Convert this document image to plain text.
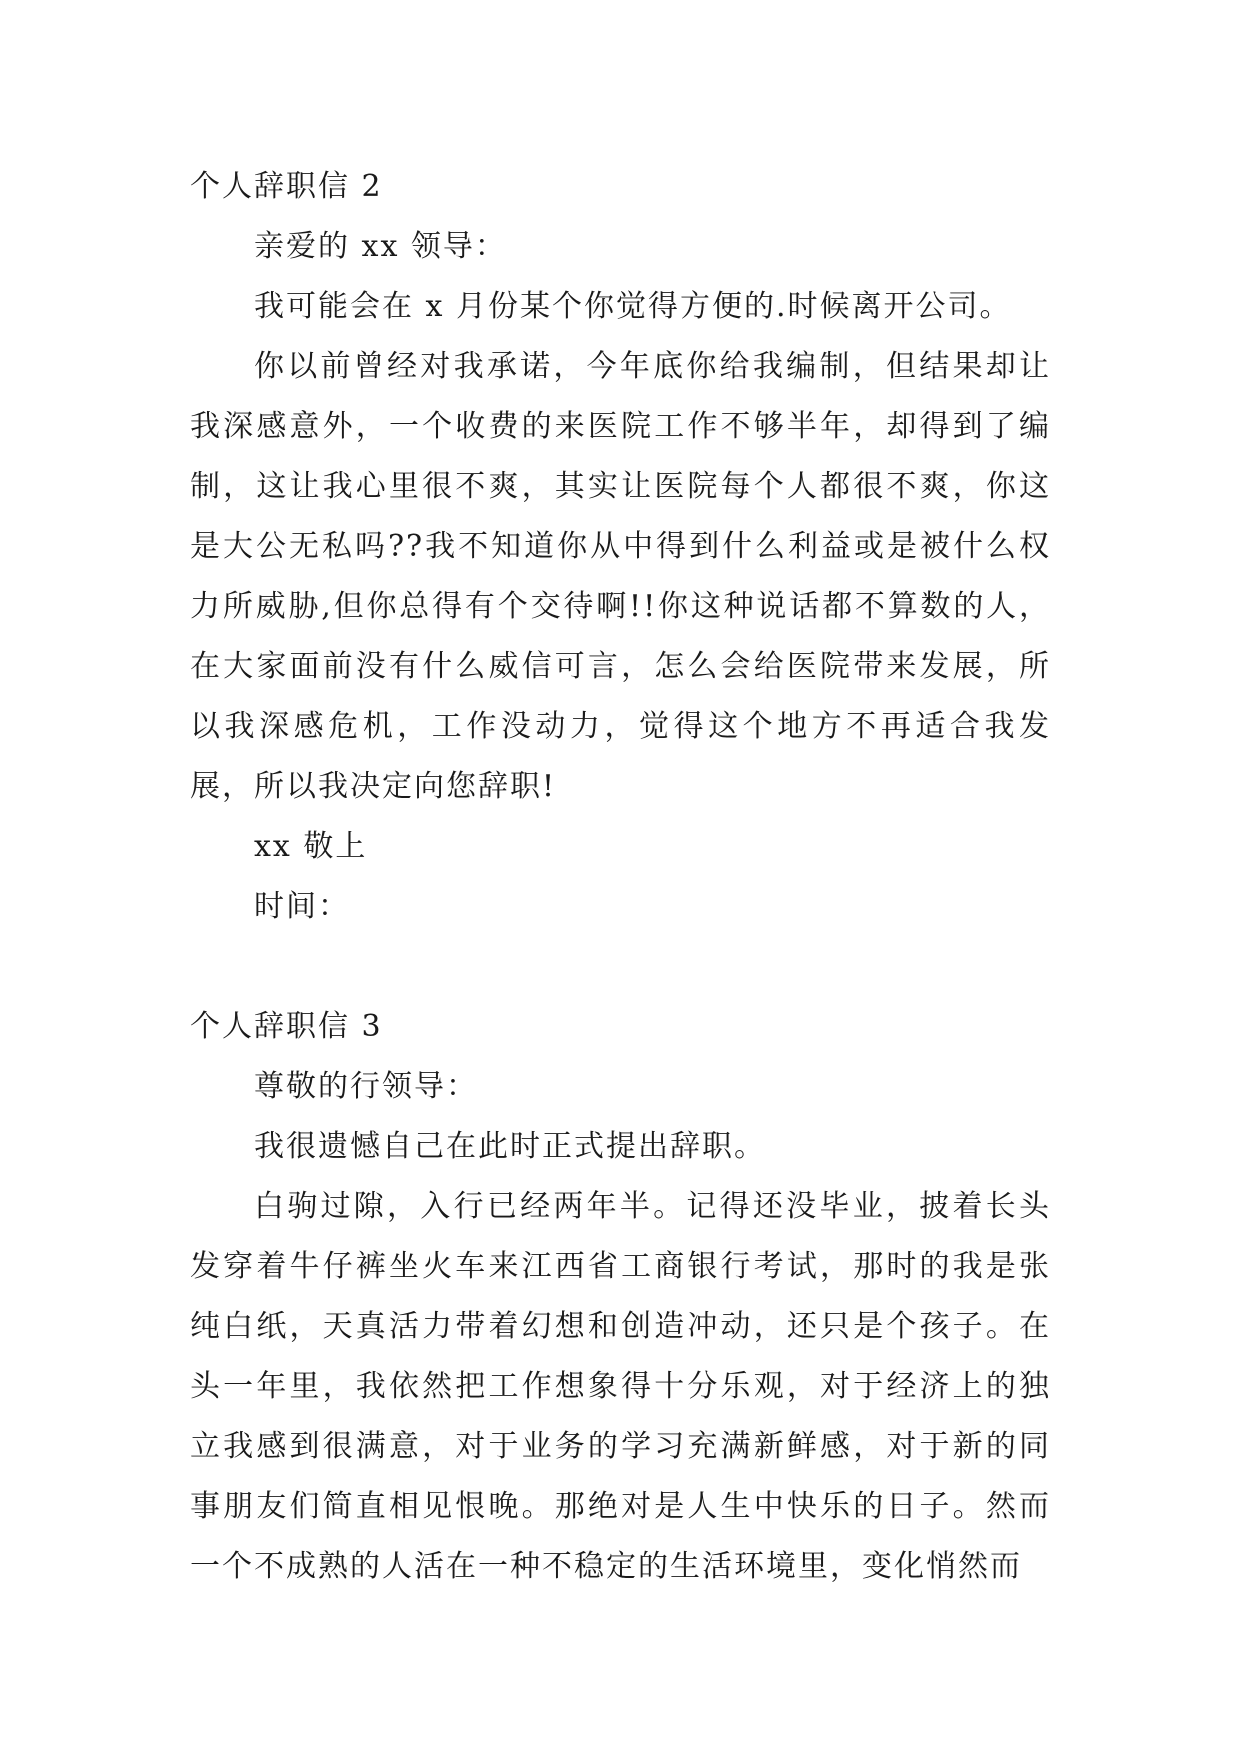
个人辞职信 2

亲爱的 xx 领导：

我可能会在 x 月份某个你觉得方便的.时候离开公司。

你以前曾经对我承诺，今年底你给我编制，但结果却让我深感意外，一个收费的来医院工作不够半年，却得到了编制，这让我心里很不爽，其实让医院每个人都很不爽，你这是大公无私吗??我不知道你从中得到什么利益或是被什么权力所威胁,但你总得有个交待啊!!你这种说话都不算数的人，在大家面前没有什么威信可言，怎么会给医院带来发展，所以我深感危机，工作没动力，觉得这个地方不再适合我发展，所以我决定向您辞职!

xx 敬上

时间：

个人辞职信 3

尊敬的行领导：

我很遗憾自己在此时正式提出辞职。

白驹过隙，入行已经两年半。记得还没毕业，披着长头发穿着牛仔裤坐火车来江西省工商银行考试，那时的我是张纯白纸，天真活力带着幻想和创造冲动，还只是个孩子。在头一年里，我依然把工作想象得十分乐观，对于经济上的独立我感到很满意，对于业务的学习充满新鲜感，对于新的同事朋友们简直相见恨晚。那绝对是人生中快乐的日子。然而一个不成熟的人活在一种不稳定的生活环境里，变化悄然而
